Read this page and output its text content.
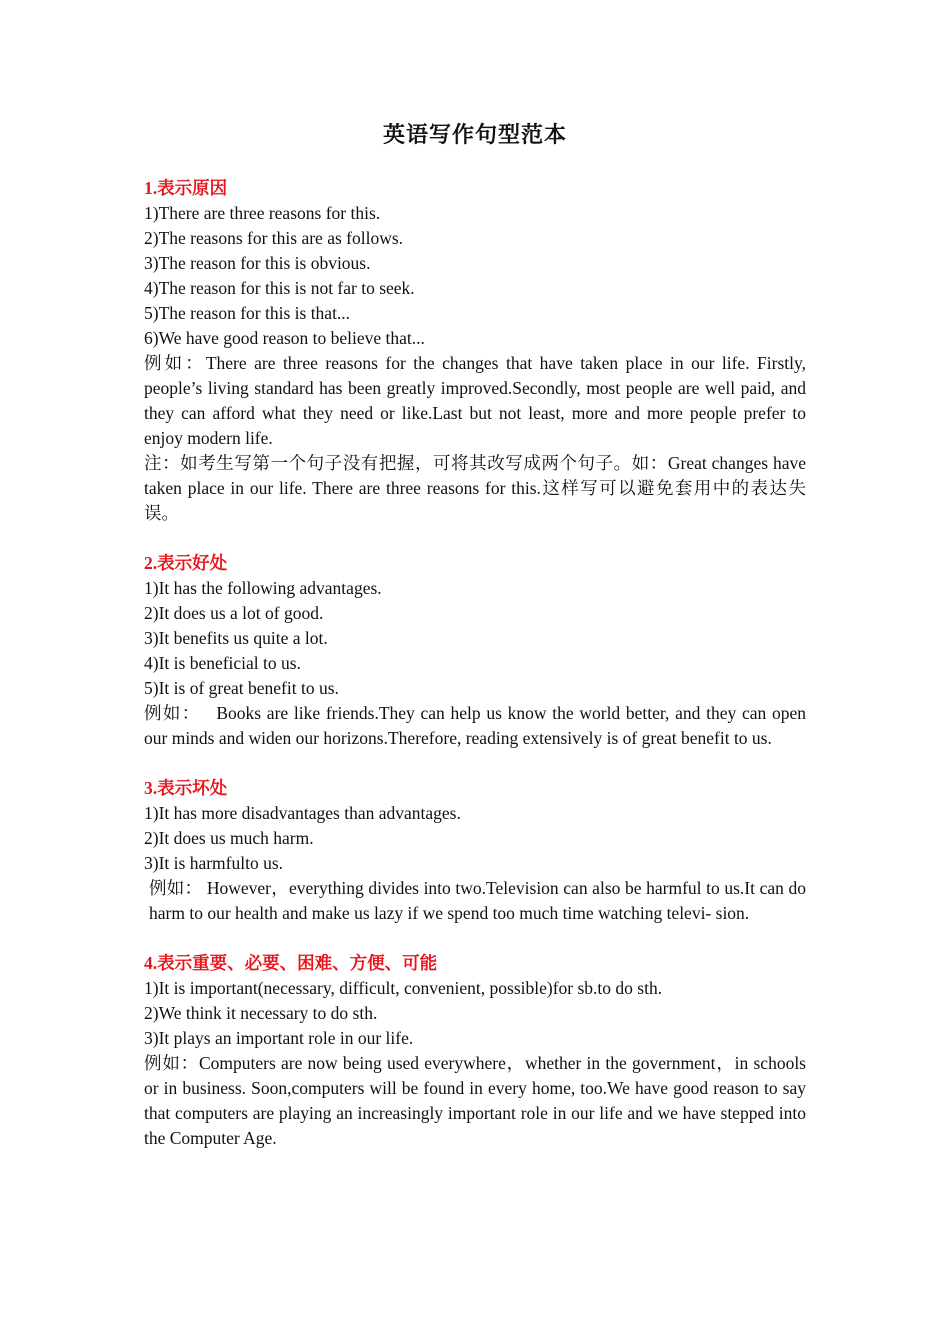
英语写作句型范本

1.表示原因

1)There are three reasons for this.

2)The reasons for this are as follows.

3)The reason for this is obvious.

4)The reason for this is not far to seek.

5)The reason for this is that...

6)We have good reason to believe that...

例如：There are three reasons for the changes that have taken place in our life. Firstly, people’s living standard has been greatly improved.Secondly, most people are well paid, and they can afford what they need or like.Last but not least, more and more people prefer to enjoy modern life.

注：如考生写第一个句子没有把握，可将其改写成两个句子。如：Great changes have taken place in our life. There are three reasons for this.这样写可以避免套用中的表达失误。

2.表示好处

1)It has the following advantages.

2)It does us a lot of good.

3)It benefits us quite a lot.

4)It is beneficial to us.

5)It is of great benefit to us.

例如：　 Books are like friends.They can help us know the world better, and they can open our minds and widen our horizons.Therefore, reading extensively is of great benefit to us.

3.表示坏处

1)It has more disadvantages than advantages.

2)It does us much harm.

3)It is harmfulto us.

例如： However，everything divides into two.Television can also be harmful to us.It can do harm to our health and make us lazy if we spend too much time watching televi- sion.

4.表示重要、必要、困难、方便、可能

1)It is important(necessary, difficult, convenient, possible)for sb.to do sth.

2)We think it necessary to do sth.

3)It plays an important role in our life.

例如：Computers are now being used everywhere，whether in the government，in schools or in business. Soon,computers will be found in every home, too.We have good reason to say that computers are playing an increasingly important role in our life and we have stepped into the Computer Age.
